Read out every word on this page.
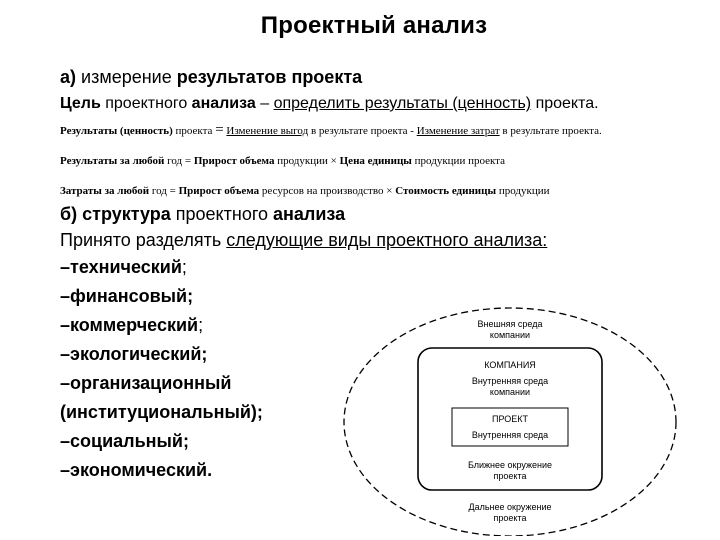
Проектный анализ
а) измерение результатов проекта
Цель проектного анализа – определить результаты (ценность) проекта.
Результаты (ценность) проекта = Изменение выгод в результате проекта - Изменение затрат в результате проекта.
Результаты за любой год = Прирост объема продукции × Цена единицы продукции проекта
Затраты за любой год = Прирост объема ресурсов на производство × Стоимость единицы продукции
б) структура проектного анализа
Принято разделять следующие виды проектного анализа:
–технический;
–финансовый;
–коммерческий;
–экологический;
–организационный
(институциональный);
–социальный;
–экономический.
Внешняя среда
компании
КОМПАНИЯ
Внутренняя среда
компании
ПРОЕКТ
Внутренняя среда
Ближнее окружение
проекта
Дальнее окружение
проекта
